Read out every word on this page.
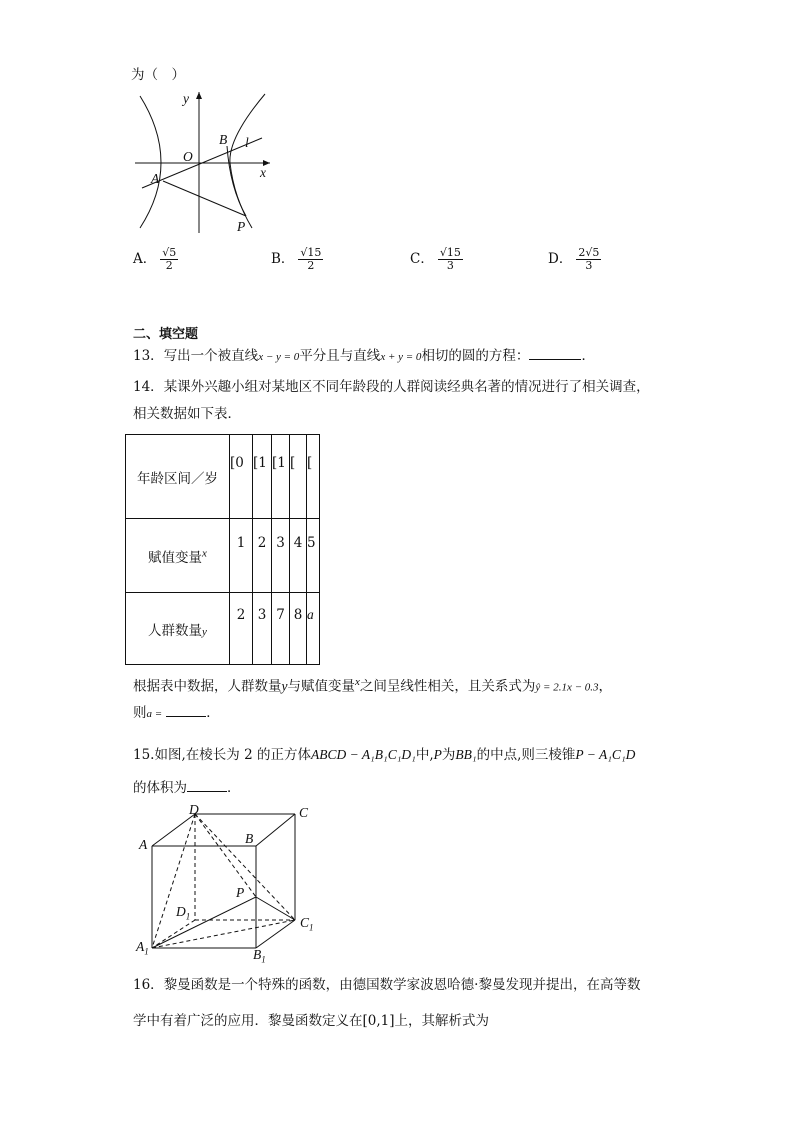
为（　）
y
O
B l
x
A
P
A． $\frac{√5}{2}$	B． $\frac{√15}{2}$	C． $\frac{√15}{3}$	D． $\frac{2√5}{3}$
二、填空题
13．写出一个被直线x − y = 0平分且与直线x + y = 0相切的圆的方程：	．
14．某课外兴趣小组对某地区不同年龄段的人群阅读经典名著的情况进行了相关调查，
相关数据如下表．
年龄区间／岁	[0	[1	[1	[	[
赋值变量$^x$	1	2	3	4	5
人群数量y	2	3	7	8	a
根据表中数据，人群数量y与赋值变量$^x$之间呈线性相关，且关系式为ŷ = 2.1x − 0.3，
则a =	．
15.如图,在棱长为 2 的正方体ABCD − A₁B₁C₁D₁中,P为BB₁的中点,则三棱锥P − A₁C₁D
的体积为	．
D	C
A	B
$D_1$
P
$C_1$
$A_1$	$B_1$
16．黎曼函数是一个特殊的函数，由德国数学家波恩哈德·黎曼发现并提出，在高等数
学中有着广泛的应用．黎曼函数定义在[0,1]上，其解析式为
